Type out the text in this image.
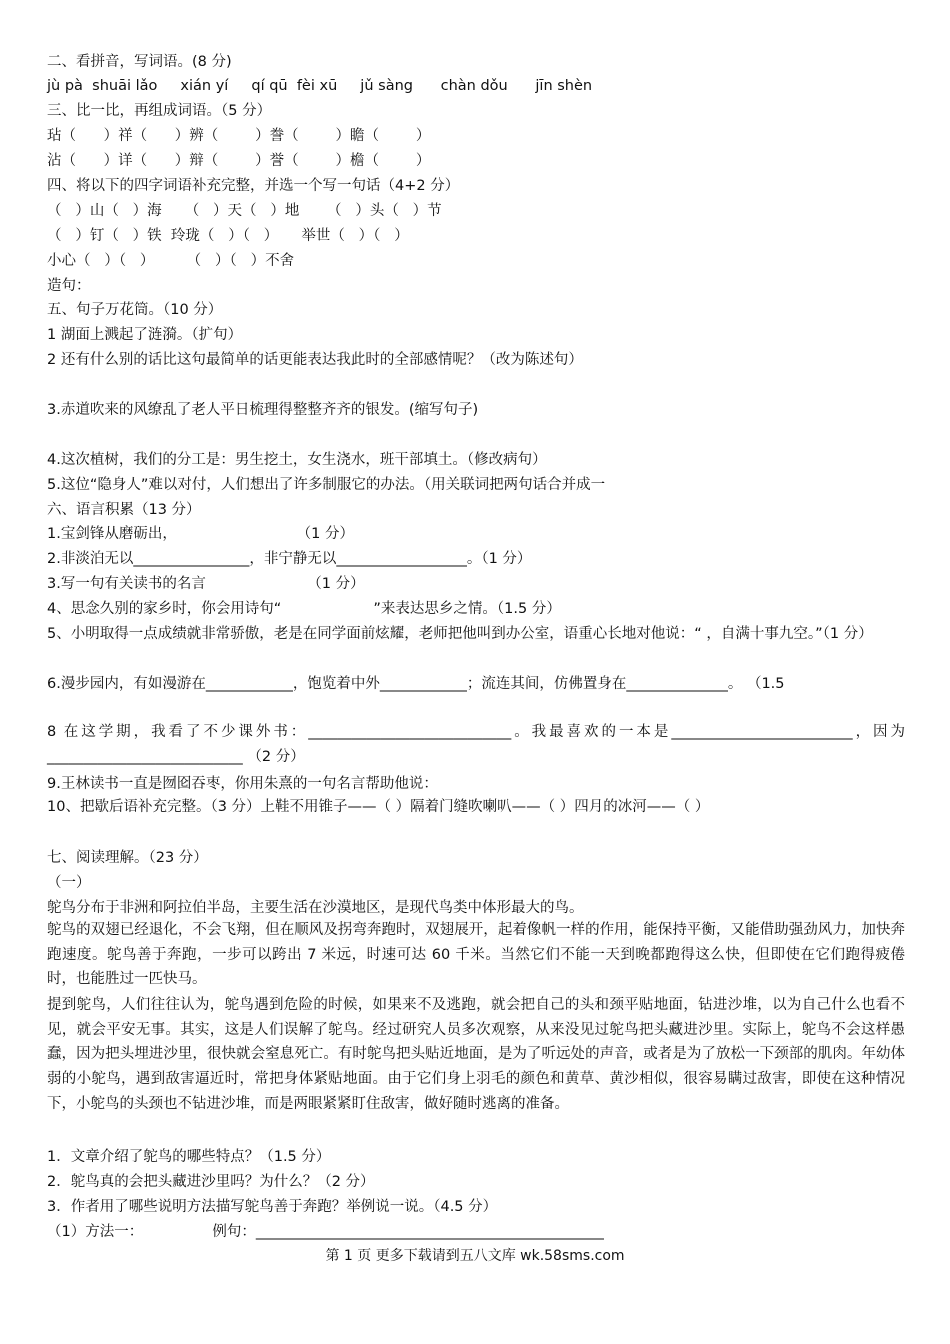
二、看拼音，写词语。(8 分)
jù pà  shuāi lǎo     xián yí     qí qū  fèi xū     jǔ sàng      chàn dǒu      jīn shèn
三、比一比，再组成词语。（5 分）
玷（      ）祥（      ）辨（        ）誊（        ）瞻（        ）
沾（      ）详（      ）辩（        ）誉（        ）檐（        ）
四、将以下的四字词语补充完整，并选一个写一句话（4+2 分）
（   ）山（   ）海     （   ）天（   ）地      （   ）头（   ）节
（   ）钉（   ）铁  玲珑（   ）（   ）     举世（   ）（   ）
小心（   ）（   ）       （   ）（   ）不舍
造句：
五、句子万花筒。（10 分）
1 湖面上溅起了涟漪。（扩句）
2 还有什么别的话比这句最简单的话更能表达我此时的全部感情呢？（改为陈述句）
3.赤道吹来的风缭乱了老人平日梳理得整整齐齐的银发。(缩写句子)
4.这次植树，我们的分工是：男生挖土，女生浇水，班干部填土。（修改病句）
5.这位“隐身人”难以对付，人们想出了许多制服它的办法。（用关联词把两句话合并成一
六、语言积累（13 分）
1.宝剑锋从磨砺出，                          （1 分）
2.非淡泊无以________________，非宁静无以__________________。（1 分）
3.写一句有关读书的名言                      （1 分）
4、思念久别的家乡时，你会用诗句“                    ”来表达思乡之情。（1.5 分）
5、小明取得一点成绩就非常骄傲，老是在同学面前炫耀，老师把他叫到办公室，语重心长地对他说：“ ，自满十事九空。”（1 分）
6.漫步园内，有如漫游在____________，饱览着中外____________；流连其间，仿佛置身在______________。 （1.5
8 在这学期，我看了不少课外书：____________________________。我最喜欢的一本是_________________________，因为___________________________ （2 分）
9.王林读书一直是囫囵吞枣，你用朱熹的一句名言帮助他说：
10、把歇后语补充完整。（3 分）上鞋不用锥子——（ ）隔着门缝吹喇叭——（ ）四月的冰河——（ ）
七、阅读理解。（23 分）
（一）
鸵鸟分布于非洲和阿拉伯半岛，主要生活在沙漠地区，是现代鸟类中体形最大的鸟。
鸵鸟的双翅已经退化，不会飞翔，但在顺风及拐弯奔跑时，双翅展开，起着像帆一样的作用，能保持平衡，又能借助强劲风力，加快奔跑速度。鸵鸟善于奔跑，一步可以跨出 7 米远，时速可达 60 千米。当然它们不能一天到晚都跑得这么快，但即使在它们跑得疲倦时，也能胜过一匹快马。
提到鸵鸟，人们往往认为，鸵鸟遇到危险的时候，如果来不及逃跑，就会把自己的头和颈平贴地面，钻进沙堆，以为自己什么也看不见，就会平安无事。其实，这是人们误解了鸵鸟。经过研究人员多次观察，从来没见过鸵鸟把头藏进沙里。实际上，鸵鸟不会这样愚蠢，因为把头埋进沙里，很快就会窒息死亡。有时鸵鸟把头贴近地面，是为了听远处的声音，或者是为了放松一下颈部的肌肉。年幼体弱的小鸵鸟，遇到敌害逼近时，常把身体紧贴地面。由于它们身上羽毛的颜色和黄草、黄沙相似，很容易瞒过敌害，即使在这种情况下，小鸵鸟的头颈也不钻进沙堆，而是两眼紧紧盯住敌害，做好随时逃离的准备。
1．文章介绍了鸵鸟的哪些特点？（1.5 分）
2．鸵鸟真的会把头藏进沙里吗？为什么？（2 分）
3．作者用了哪些说明方法描写鸵鸟善于奔跑？举例说一说。（4.5 分）
（1）方法一：               例句：________________________________________________
第 1 页 更多下载请到五八文库 wk.58sms.com
